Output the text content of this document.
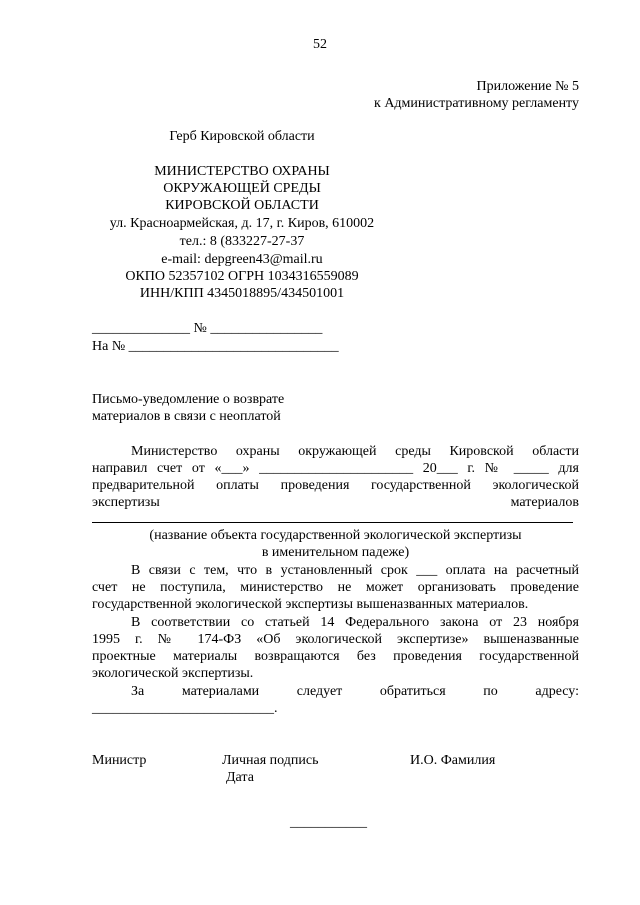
52
Приложение № 5
к Административному регламенту
Герб Кировской области
МИНИСТЕРСТВО ОХРАНЫ
ОКРУЖАЮЩЕЙ СРЕДЫ
КИРОВСКОЙ ОБЛАСТИ
ул. Красноармейская, д. 17, г. Киров, 610002
тел.: 8 (833227-27-37
e-mail: depgreen43@mail.ru
ОКПО 52357102 ОГРН 1034316559089
ИНН/КПП 4345018895/434501001
______________ № ________________
На № ______________________________
Письмо-уведомление о возврате
материалов в связи с неоплатой
Министерство охраны окружающей среды Кировской области
направил счет от «___» ______________________ 20___ г. № _____ для
предварительной оплаты проведения государственной экологической
экспертизы материалов
(название объекта государственной экологической экспертизы
в именительном падеже)
В связи с тем, что в установленный срок ___ оплата на расчетный
счет не поступила, министерство не может организовать проведение
государственной экологической экспертизы вышеназванных материалов.
В соответствии со статьей 14 Федерального закона от 23 ноября
1995 г. № 174-ФЗ «Об экологической экспертизе» вышеназванные
проектные материалы возвращаются без проведения государственной
экологической экспертизы.
За материалами следует обратиться по адресу:
__________________________.
Министр	Личная подпись
Дата
И.О. Фамилия
___________
